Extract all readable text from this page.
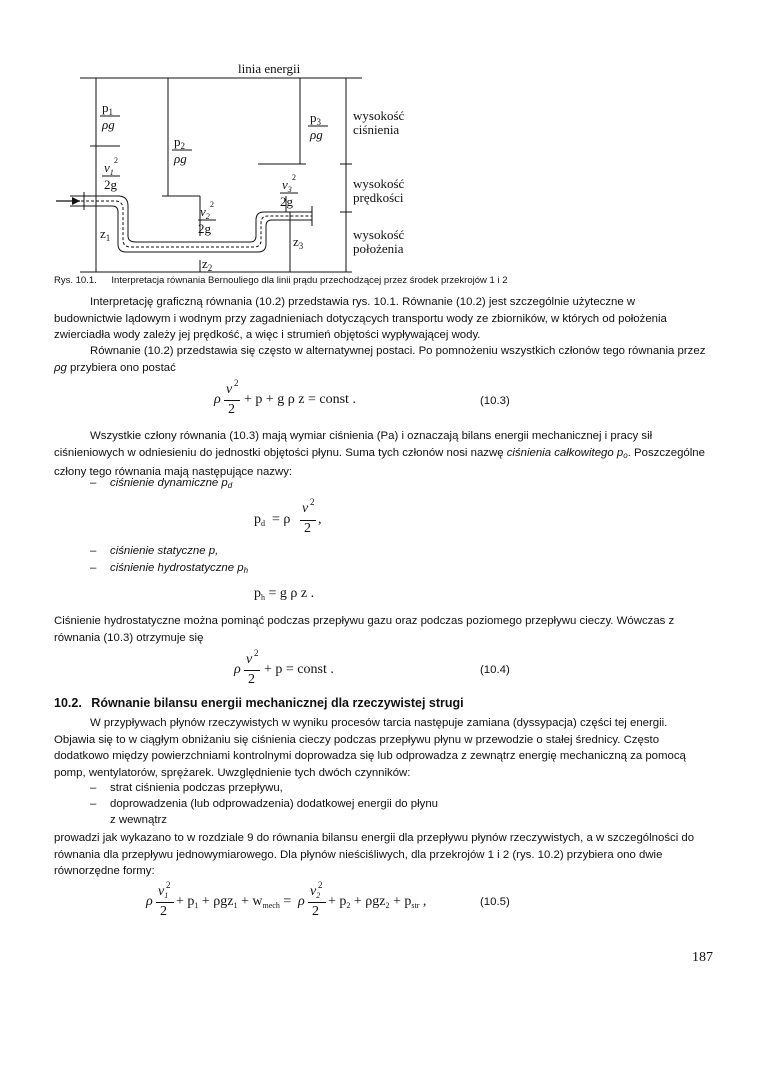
linia energii
$p_1$
ρg
$p_2$
ρg
$p_3$
ρg
$v_1$
2
2g
$v_2$
2
2g
$v_3$
2
2g
$z_1$
$z_2$
$z_3$
wysokość
ciśnienia
wysokość
prędkości
wysokość
położenia
Rys. 10.1. Interpretacja równania Bernouliego dla linii prądu przechodzącej przez środek przekrojów 1 i 2

Interpretację graficzną równania (10.2) przedstawia rys. 10.1. Równanie (10.2) jest szczególnie użyteczne w budownictwie lądowym i wodnym przy zagadnieniach dotyczących transportu wody ze zbiorników, w których od położenia zwierciadła wody zależy jej prędkość, a więc i strumień objętości wypływającej wody.

Równanie (10.2) przedstawia się często w alternatywnej postaci. Po pomnożeniu wszystkich członów tego równania przez ρg przybiera ono postać

ρ
v 2
2
+ p + g ρ z = const .	(10.3)

Wszystkie człony równania (10.3) mają wymiar ciśnienia (Pa) i oznaczają bilans energii mechanicznej i pracy sił ciśnieniowych w odniesieniu do jednostki objętości płynu. Suma tych członów nosi nazwę ciśnienia całkowitego po. Poszczególne człony tego równania mają następujące nazwy:

– ciśnienie dynamiczne pd
$p_d = \rho$
v 2
2
,
– ciśnienie statyczne p,
– ciśnienie hydrostatyczne ph
$p_h = g$ ρ z .

Ciśnienie hydrostatyczne można pominąć podczas przepływu gazu oraz podczas poziomego przepływu cieczy. Wówczas z równania (10.3) otrzymuje się

ρ
v 2
2
+ p = const .	(10.4)
10.2. Równanie bilansu energii mechanicznej dla rzeczywistej strugi

W przypływach płynów rzeczywistych w wyniku procesów tarcia następuje zamiana (dyssypacja) części tej energii. Objawia się to w ciągłym obniżaniu się ciśnienia cieczy podczas przepływu płynu w przewodzie o stałej średnicy. Często dodatkowo między powierzchniami kontrolnymi doprowadza się lub odprowadza z zewnątrz energię mechaniczną za pomocą pomp, wentylatorów, sprężarek. Uwzględnienie tych dwóch czynników:

– strat ciśnienia podczas przepływu,
– doprowadzenia (lub odprowadzenia) dodatkowej energii do płynu
z wewnątrz

prowadzi jak wykazano to w rozdziale 9 do równania bilansu energii dla przepływu płynów rzeczywistych, a w szczególności do równania dla przepływu jednowymiarowego. Dla płynów nieściśliwych, dla przekrojów 1 i 2 (rys. 10.2) przybiera ono dwie równorzędne formy:

ρ
$v_1$
2
2
+ $p_1 + \rho gz_1 + w_{mech} = \rho$
$v_2$
2
2
+ $p_2 + \rho gz_2 + p_{str}$ ,	(10.5)
187
